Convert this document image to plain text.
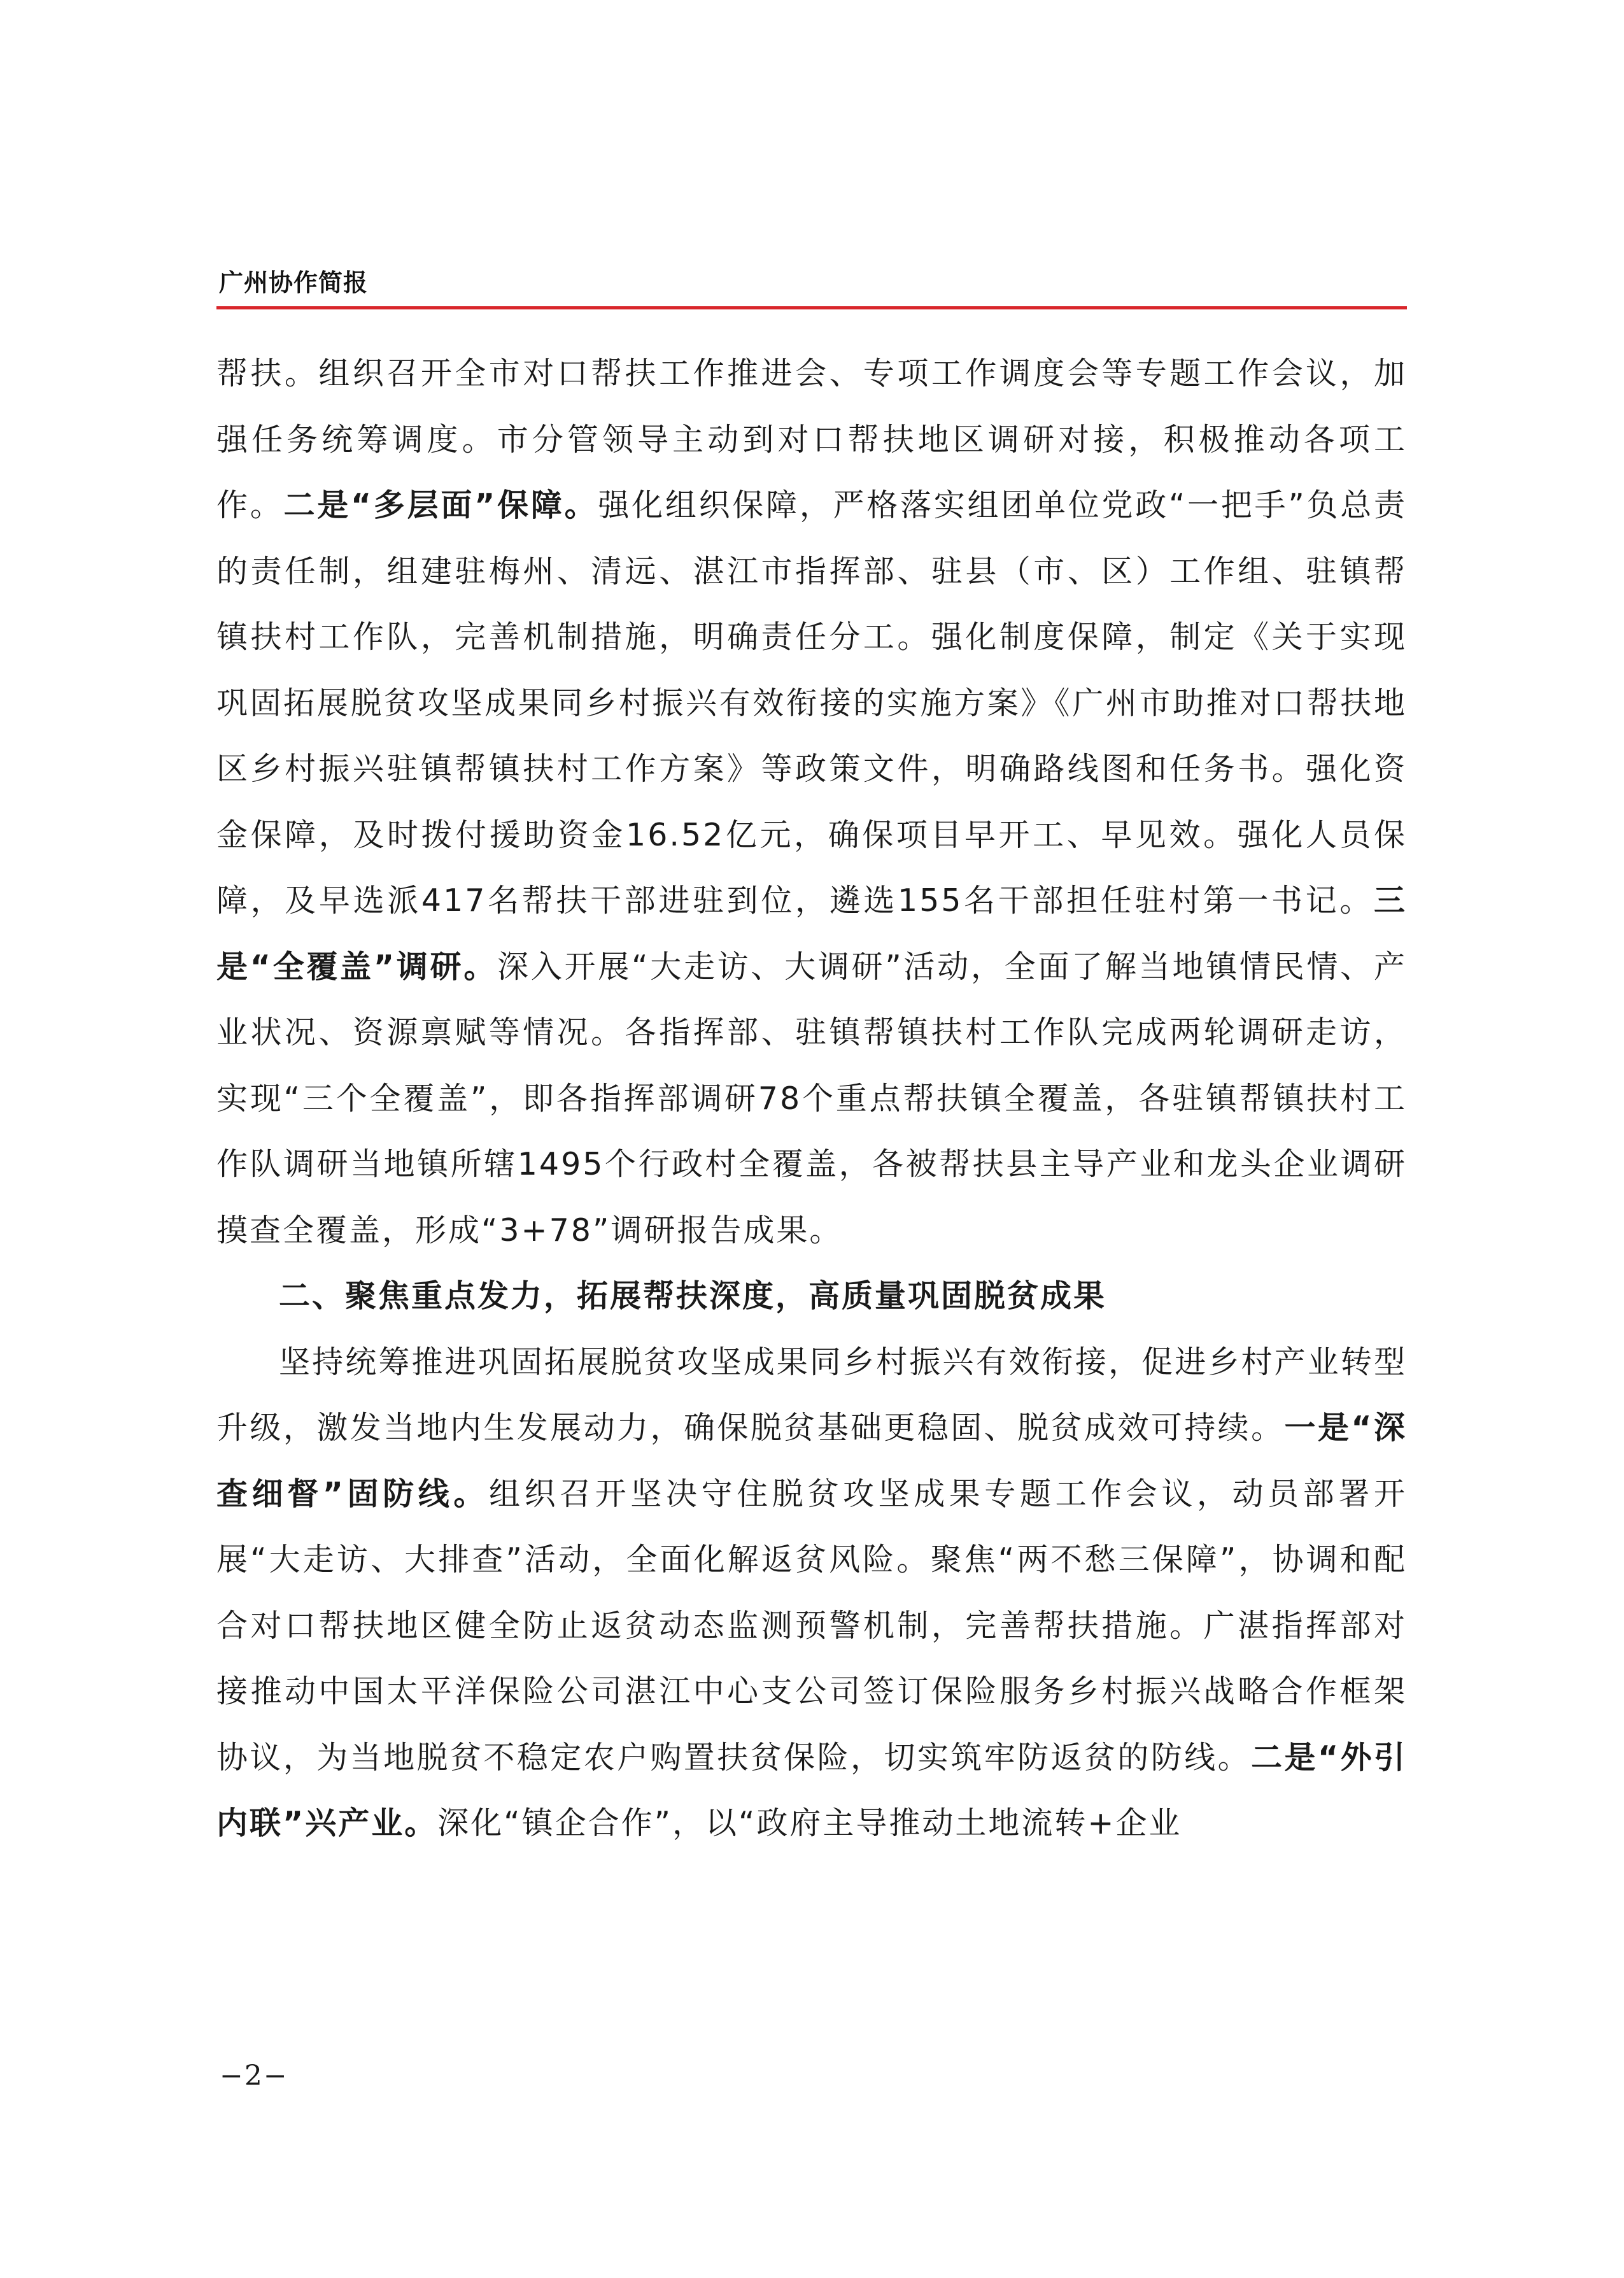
广州协作简报

帮扶。组织召开全市对口帮扶工作推进会、专项工作调度会等专题工作会议，加强任务统筹调度。市分管领导主动到对口帮扶地区调研对接，积极推动各项工作。二是“多层面”保障。强化组织保障，严格落实组团单位党政“一把手”负总责的责任制，组建驻梅州、清远、湛江市指挥部、驻县（市、区）工作组、驻镇帮镇扶村工作队，完善机制措施，明确责任分工。强化制度保障，制定《关于实现巩固拓展脱贫攻坚成果同乡村振兴有效衔接的实施方案》《广州市助推对口帮扶地区乡村振兴驻镇帮镇扶村工作方案》等政策文件，明确路线图和任务书。强化资金保障，及时拨付援助资金16.52亿元，确保项目早开工、早见效。强化人员保障，及早选派417名帮扶干部进驻到位，遴选155名干部担任驻村第一书记。三是“全覆盖”调研。深入开展“大走访、大调研”活动，全面了解当地镇情民情、产业状况、资源禀赋等情况。各指挥部、驻镇帮镇扶村工作队完成两轮调研走访，实现“三个全覆盖”，即各指挥部调研78个重点帮扶镇全覆盖，各驻镇帮镇扶村工作队调研当地镇所辖1495个行政村全覆盖，各被帮扶县主导产业和龙头企业调研摸查全覆盖，形成“3+78”调研报告成果。

二、聚焦重点发力，拓展帮扶深度，高质量巩固脱贫成果

坚持统筹推进巩固拓展脱贫攻坚成果同乡村振兴有效衔接，促进乡村产业转型升级，激发当地内生发展动力，确保脱贫基础更稳固、脱贫成效可持续。一是“深查细督”固防线。组织召开坚决守住脱贫攻坚成果专题工作会议，动员部署开展“大走访、大排查”活动，全面化解返贫风险。聚焦“两不愁三保障”，协调和配合对口帮扶地区健全防止返贫动态监测预警机制，完善帮扶措施。广湛指挥部对接推动中国太平洋保险公司湛江中心支公司签订保险服务乡村振兴战略合作框架协议，为当地脱贫不稳定农户购置扶贫保险，切实筑牢防返贫的防线。二是“外引内联”兴产业。深化“镇企合作”，以“政府主导推动土地流转+企业

−2−
